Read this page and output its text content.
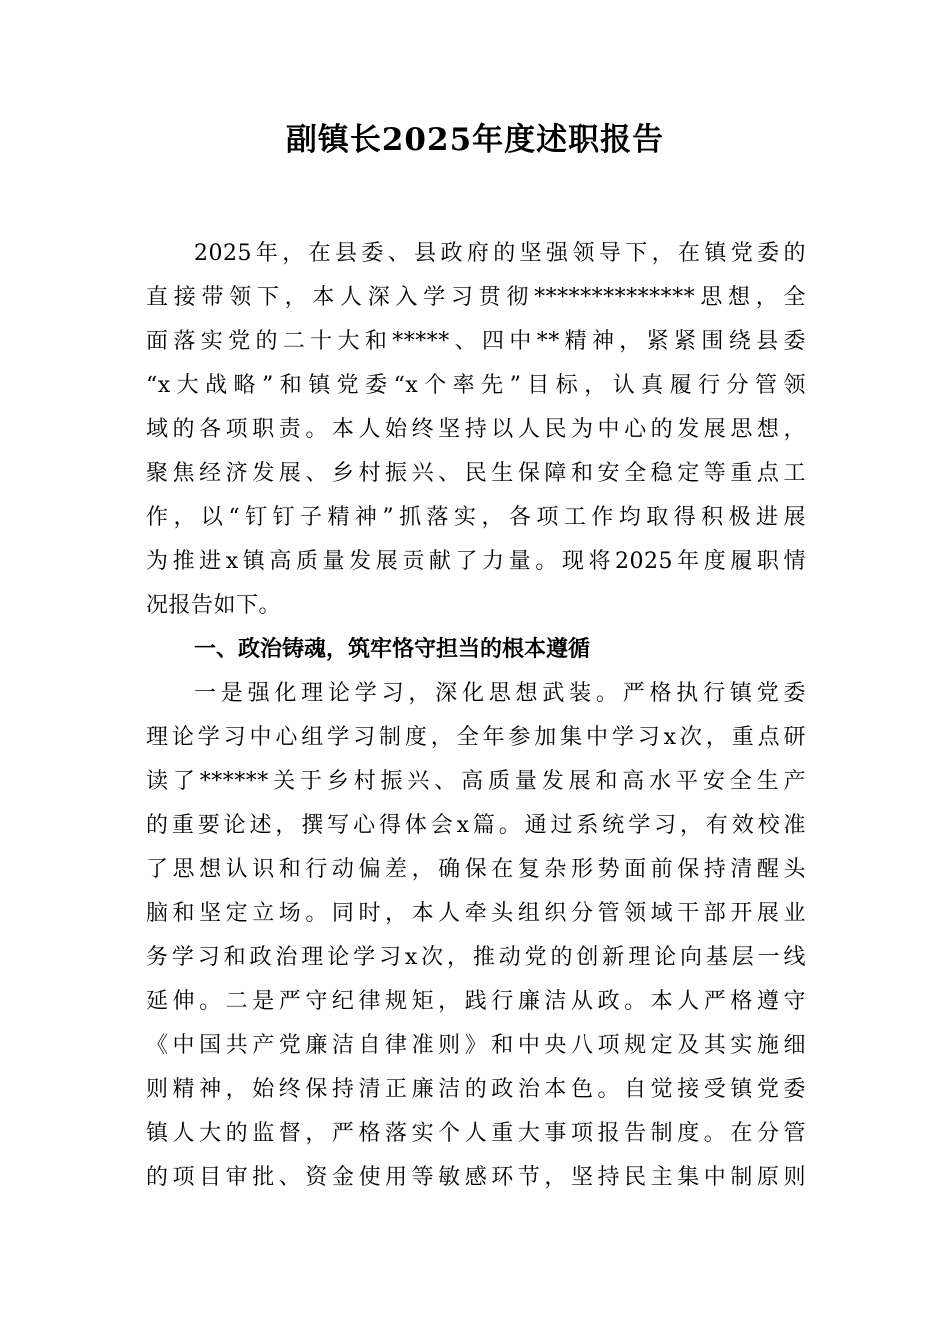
副镇长2025年度述职报告
2025年，在县委、县政府的坚强领导下，在镇党委的
直接带领下，本人深入学习贯彻**************思想，全
面落实党的二十大和*****、四中**精神，紧紧围绕县委
“x大战略”和镇党委“x个率先”目标，认真履行分管领
域的各项职责。本人始终坚持以人民为中心的发展思想，
聚焦经济发展、乡村振兴、民生保障和安全稳定等重点工
作，以“钉钉子精神”抓落实，各项工作均取得积极进展
为推进x镇高质量发展贡献了力量。现将2025年度履职情
况报告如下。
一、政治铸魂，筑牢恪守担当的根本遵循
一是强化理论学习，深化思想武装。严格执行镇党委
理论学习中心组学习制度，全年参加集中学习x次，重点研
读了******关于乡村振兴、高质量发展和高水平安全生产
的重要论述，撰写心得体会x篇。通过系统学习，有效校准
了思想认识和行动偏差，确保在复杂形势面前保持清醒头
脑和坚定立场。同时，本人牵头组织分管领域干部开展业
务学习和政治理论学习x次，推动党的创新理论向基层一线
延伸。二是严守纪律规矩，践行廉洁从政。本人严格遵守
《中国共产党廉洁自律准则》和中央八项规定及其实施细
则精神，始终保持清正廉洁的政治本色。自觉接受镇党委
镇人大的监督，严格落实个人重大事项报告制度。在分管
的项目审批、资金使用等敏感环节，坚持民主集中制原则
